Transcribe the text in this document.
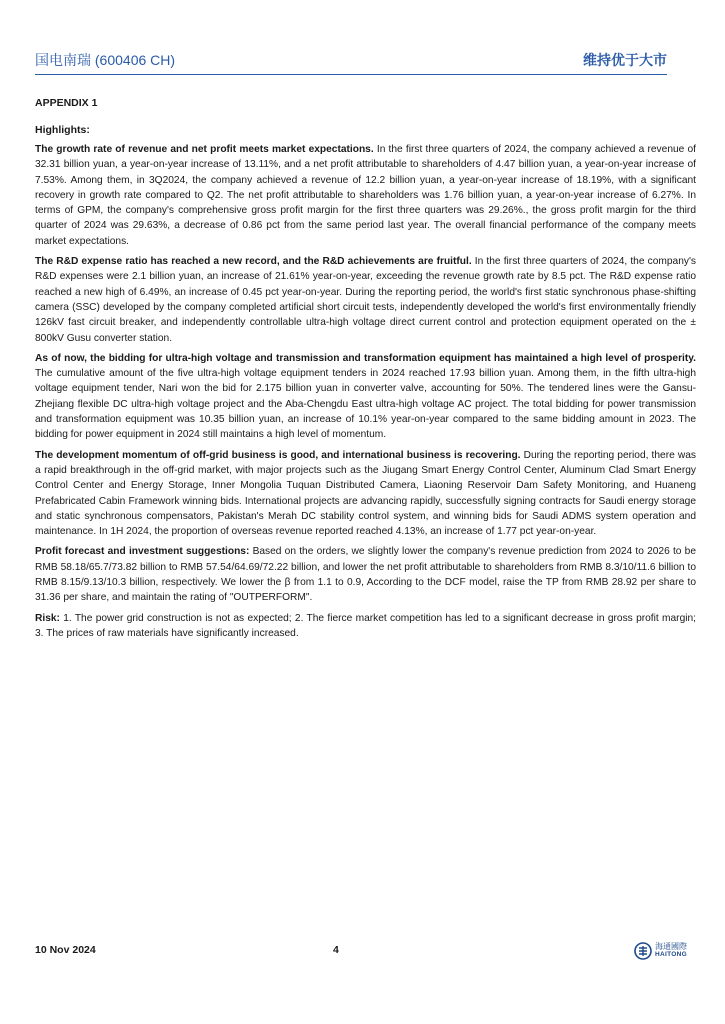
国电南瑞 (600406 CH)	维持优于大市
APPENDIX 1
Highlights:

The growth rate of revenue and net profit meets market expectations. In the first three quarters of 2024, the company achieved a revenue of 32.31 billion yuan, a year-on-year increase of 13.11%, and a net profit attributable to shareholders of 4.47 billion yuan, a year-on-year increase of 7.53%. Among them, in 3Q2024, the company achieved a revenue of 12.2 billion yuan, a year-on-year increase of 18.19%, with a significant recovery in growth rate compared to Q2. The net profit attributable to shareholders was 1.76 billion yuan, a year-on-year increase of 6.27%. In terms of GPM, the company's comprehensive gross profit margin for the first three quarters was 29.26%., the gross profit margin for the third quarter of 2024 was 29.63%, a decrease of 0.86 pct from the same period last year. The overall financial performance of the company meets market expectations.

The R&D expense ratio has reached a new record, and the R&D achievements are fruitful. In the first three quarters of 2024, the company's R&D expenses were 2.1 billion yuan, an increase of 21.61% year-on-year, exceeding the revenue growth rate by 8.5 pct. The R&D expense ratio reached a new high of 6.49%, an increase of 0.45 pct year-on-year. During the reporting period, the world's first static synchronous phase-shifting camera (SSC) developed by the company completed artificial short circuit tests, independently developed the world's first environmentally friendly 126kV fast circuit breaker, and independently controllable ultra-high voltage direct current control and protection equipment operated on the ± 800kV Gusu converter station.

As of now, the bidding for ultra-high voltage and transmission and transformation equipment has maintained a high level of prosperity. The cumulative amount of the five ultra-high voltage equipment tenders in 2024 reached 17.93 billion yuan. Among them, in the fifth ultra-high voltage equipment tender, Nari won the bid for 2.175 billion yuan in converter valve, accounting for 50%. The tendered lines were the Gansu-Zhejiang flexible DC ultra-high voltage project and the Aba-Chengdu East ultra-high voltage AC project. The total bidding for power transmission and transformation equipment was 10.35 billion yuan, an increase of 10.1% year-on-year compared to the same bidding amount in 2023. The bidding for power equipment in 2024 still maintains a high level of momentum.

The development momentum of off-grid business is good, and international business is recovering. During the reporting period, there was a rapid breakthrough in the off-grid market, with major projects such as the Jiugang Smart Energy Control Center, Aluminum Clad Smart Energy Control Center and Energy Storage, Inner Mongolia Tuquan Distributed Camera, Liaoning Reservoir Dam Safety Monitoring, and Huaneng Prefabricated Cabin Framework winning bids. International projects are advancing rapidly, successfully signing contracts for Saudi energy storage and static synchronous compensators, Pakistan's Merah DC stability control system, and winning bids for Saudi ADMS system operation and maintenance. In 1H 2024, the proportion of overseas revenue reported reached 4.13%, an increase of 1.77 pct year-on-year.

Profit forecast and investment suggestions: Based on the orders, we slightly lower the company's revenue prediction from 2024 to 2026 to be RMB 58.18/65.7/73.82 billion to RMB 57.54/64.69/72.22 billion, and lower the net profit attributable to shareholders from RMB 8.3/10/11.6 billion to RMB 8.15/9.13/10.3 billion, respectively. We lower the β from 1.1 to 0.9, According to the DCF model, raise the TP from RMB 28.92 per share to 31.36 per share, and maintain the rating of "OUTPERFORM".

Risk: 1. The power grid construction is not as expected; 2. The fierce market competition has led to a significant decrease in gross profit margin; 3. The prices of raw materials have significantly increased.

10 Nov 2024	4	海通國際
HAITONG
